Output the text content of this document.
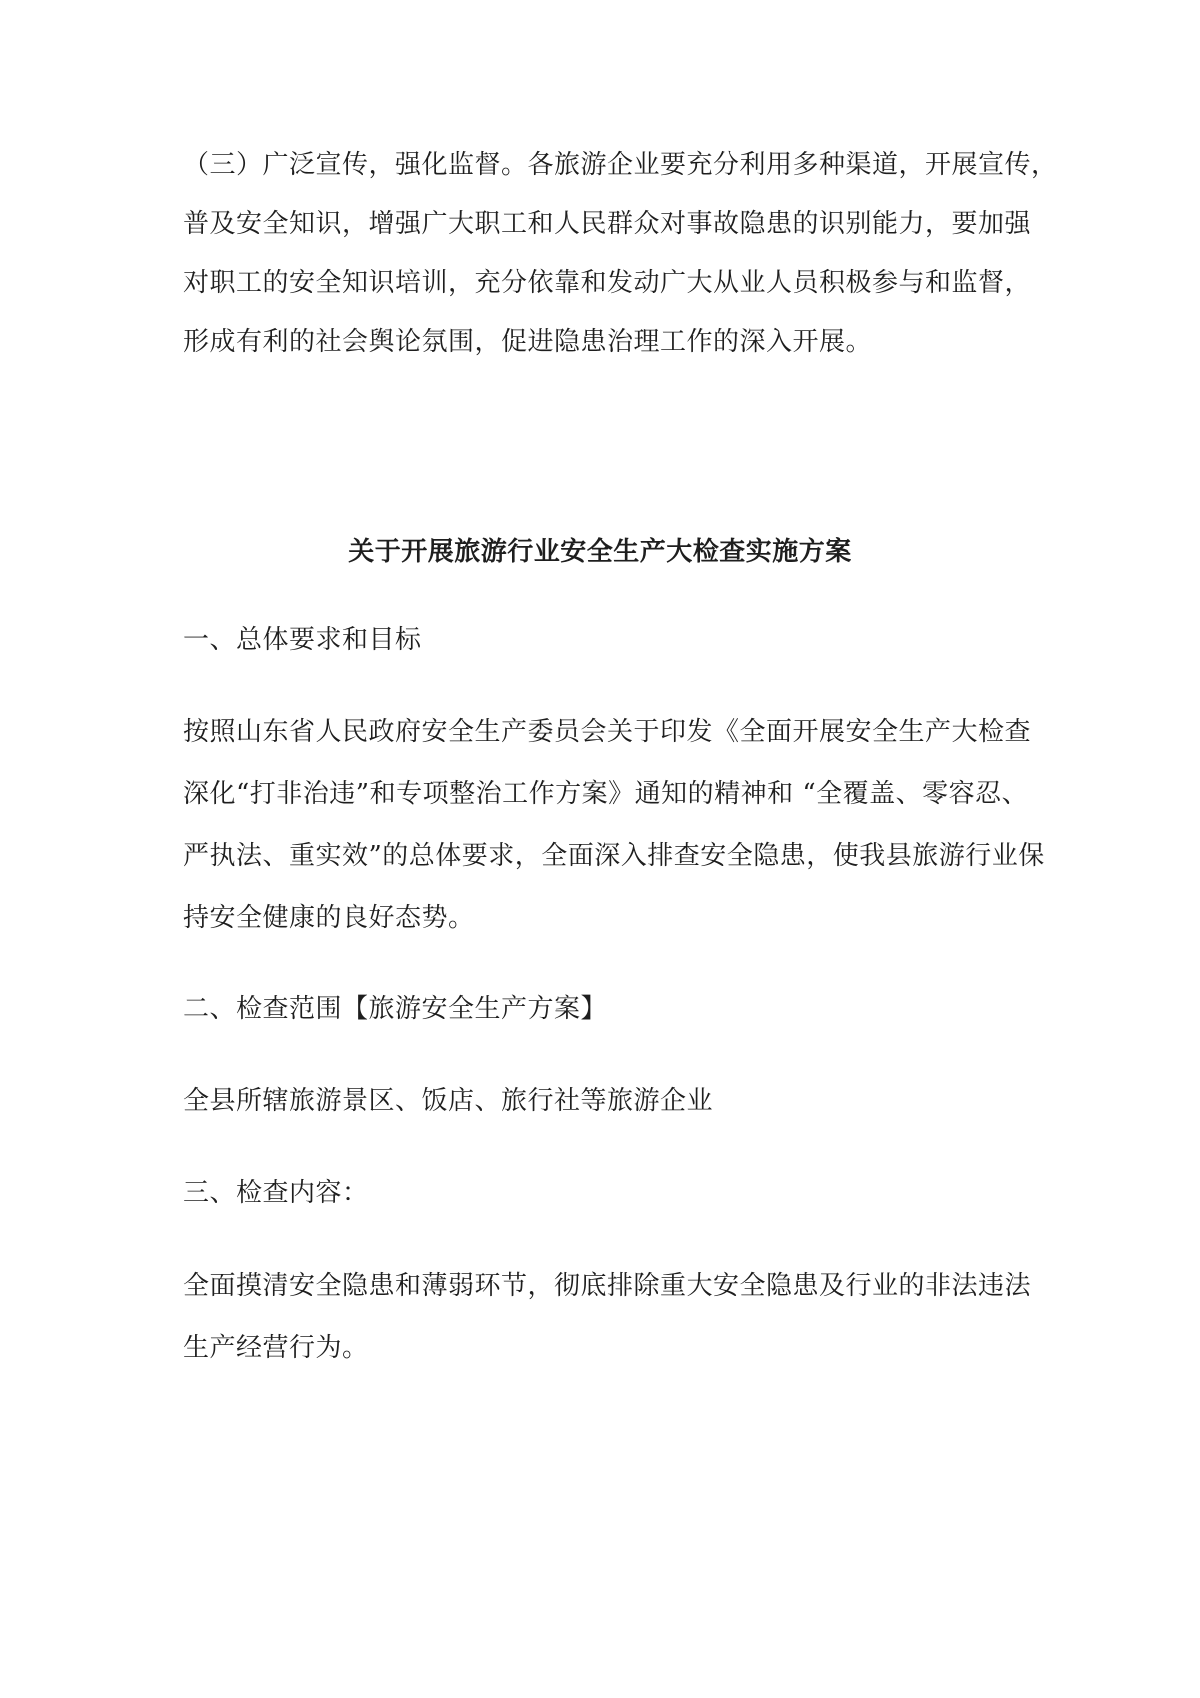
（三）广泛宣传，强化监督。各旅游企业要充分利用多种渠道，开展宣传，
普及安全知识，增强广大职工和人民群众对事故隐患的识别能力，要加强
对职工的安全知识培训，充分依靠和发动广大从业人员积极参与和监督，
形成有利的社会舆论氛围，促进隐患治理工作的深入开展。
关于开展旅游行业安全生产大检查实施方案
一、总体要求和目标
按照山东省人民政府安全生产委员会关于印发《全面开展安全生产大检查
深化“打非治违”和专项整治工作方案》通知的精神和 “全覆盖、零容忍、
严执法、重实效”的总体要求，全面深入排查安全隐患，使我县旅游行业保
持安全健康的良好态势。
二、检查范围【旅游安全生产方案】
全县所辖旅游景区、饭店、旅行社等旅游企业
三、检查内容：
全面摸清安全隐患和薄弱环节，彻底排除重大安全隐患及行业的非法违法
生产经营行为。
